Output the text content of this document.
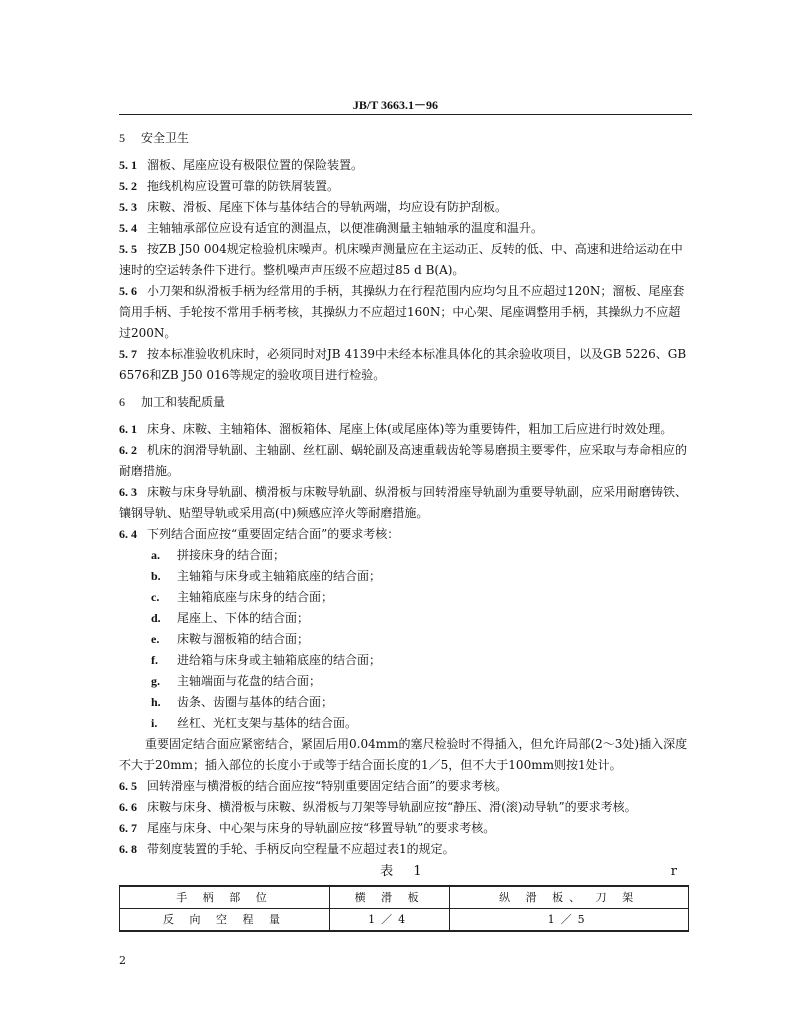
JB/T 3663.1－96

5 安全卫生

5. 1 溜板、尾座应设有极限位置的保险装置。

5. 2 拖线机构应设置可靠的防铁屑装置。

5. 3 床鞍、滑板、尾座下体与基体结合的导轨两端，均应设有防护刮板。

5. 4 主轴轴承部位应设有适宜的测温点，以便准确测量主轴轴承的温度和温升。

5. 5 按ZB J50 004规定检验机床噪声。机床噪声测量应在主运动正、反转的低、中、高速和进给运动在中速时的空运转条件下进行。整机噪声声压级不应超过85 d B(A)。

5. 6 小刀架和纵滑板手柄为经常用的手柄，其操纵力在行程范围内应均匀且不应超过120N；溜板、尾座套筒用手柄、手轮按不常用手柄考核，其操纵力不应超过160N；中心架、尾座调整用手柄，其操纵力不应超过200N。

5. 7 按本标准验收机床时，必须同时对JB 4139中未经本标准具体化的其余验收项目，以及GB 5226、GB 6576和ZB J50 016等规定的验收项目进行检验。

6 加工和装配质量

6. 1 床身、床鞍、主轴箱体、溜板箱体、尾座上体(或尾座体)等为重要铸件，粗加工后应进行时效处理。

6. 2 机床的润滑导轨副、主轴副、丝杠副、蜗轮副及高速重载齿轮等易磨损主要零件，应采取与寿命相应的耐磨措施。

6. 3 床鞍与床身导轨副、横滑板与床鞍导轨副、纵滑板与回转滑座导轨副为重要导轨副，应采用耐磨铸铁、镶钢导轨、贴塑导轨或采用高(中)频感应淬火等耐磨措施。

6. 4 下列结合面应按“重要固定结合面”的要求考核：

a. 拼接床身的结合面；

b. 主轴箱与床身或主轴箱底座的结合面；

c. 主轴箱底座与床身的结合面；

d. 尾座上、下体的结合面；

e. 床鞍与溜板箱的结合面；

f. 进给箱与床身或主轴箱底座的结合面；

g. 主轴端面与花盘的结合面；

h. 齿条、齿圈与基体的结合面；

i. 丝杠、光杠支架与基体的结合面。

重要固定结合面应紧密结合，紧固后用0.04mm的塞尺检验时不得插入，但允许局部(2～3处)插入深度不大于20mm；插入部位的长度小于或等于结合面长度的1／5，但不大于100mm则按1处计。

6. 5 回转滑座与横滑板的结合面应按“特别重要固定结合面”的要求考核。

6. 6 床鞍与床身、横滑板与床鞍、纵滑板与刀架等导轨副应按“静压、滑(滚)动导轨”的要求考核。

6. 7 尾座与床身、中心架与床身的导轨副应按“移置导轨”的要求考核。

6. 8 带刻度装置的手轮、手柄反向空程量不应超过表1的规定。

表 1	r
手 柄 部 位	横 滑 板	纵 滑 板、 刀 架
反 向 空 程 量	1／4	1／5
2
